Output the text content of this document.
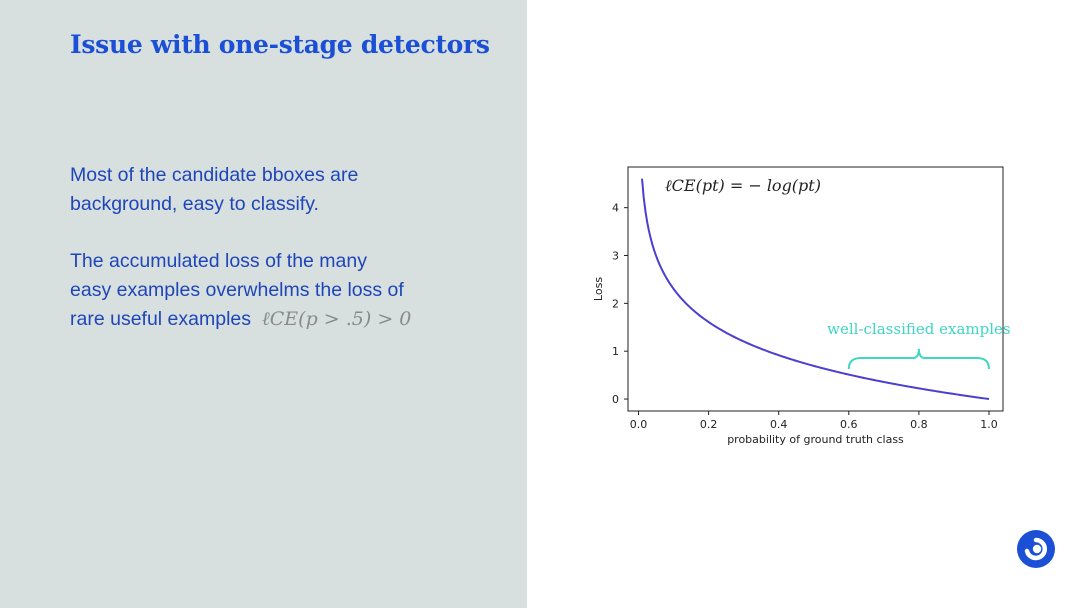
Issue with one-stage detectors

Most of the candidate bboxes are
background, easy to classify.

The accumulated loss of the many
easy examples overwhelms the loss of
rare useful examples ℓCE(p > .5) > 0

0.0	0.2	0.4	0.6	0.8	1.0
0
1
2
3
4
well-classified examples
ℓCE(pt) = − log(pt)
probability of ground truth class
Loss
